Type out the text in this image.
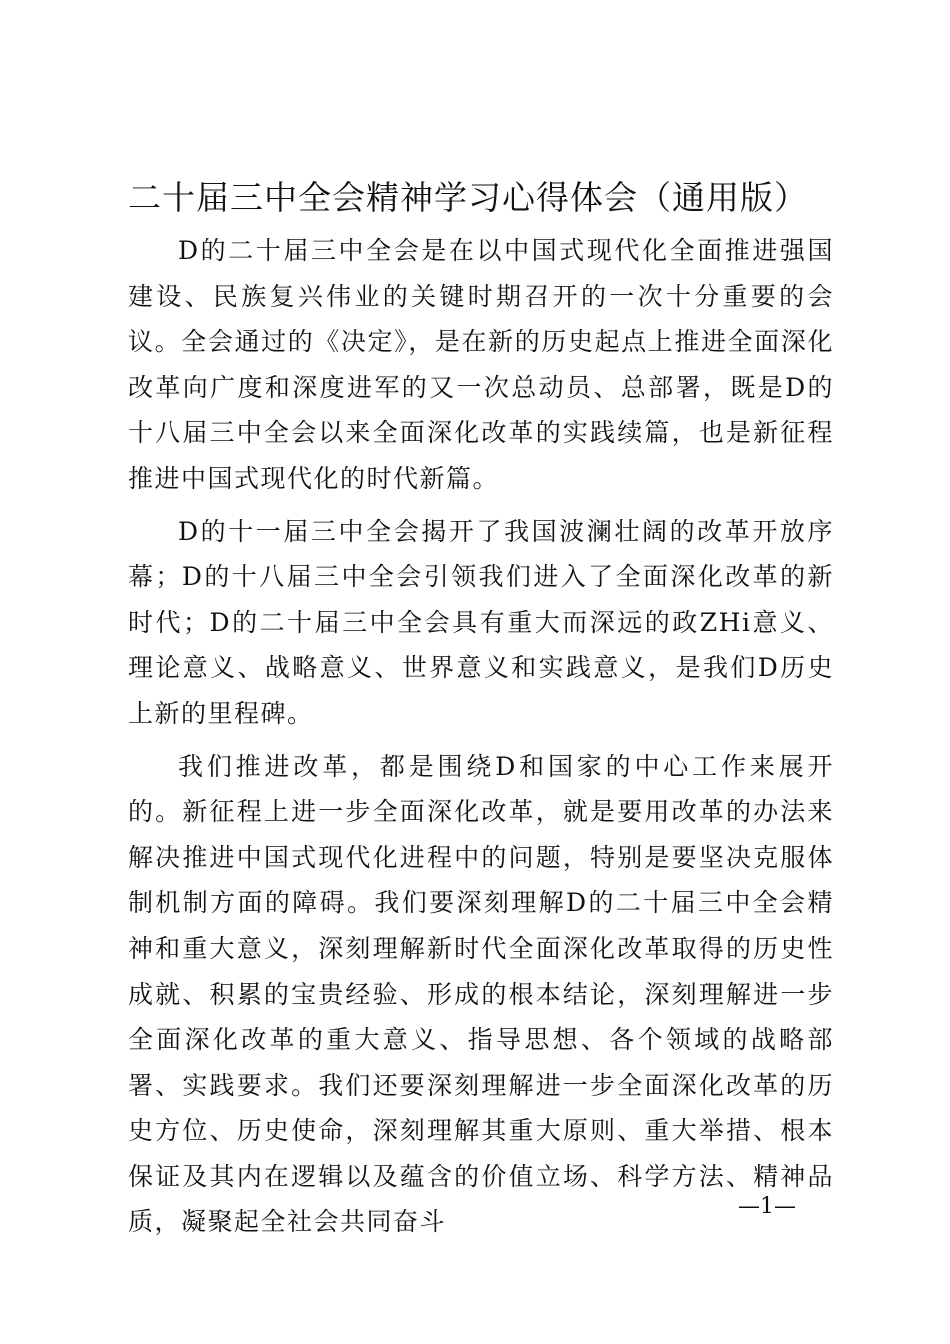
二十届三中全会精神学习心得体会（通用版）

D的二十届三中全会是在以中国式现代化全面推进强国建设、民族复兴伟业的关键时期召开的一次十分重要的会议。全会通过的《决定》，是在新的历史起点上推进全面深化改革向广度和深度进军的又一次总动员、总部署，既是D的十八届三中全会以来全面深化改革的实践续篇，也是新征程推进中国式现代化的时代新篇。

D的十一届三中全会揭开了我国波澜壮阔的改革开放序幕；D的十八届三中全会引领我们进入了全面深化改革的新时代；D的二十届三中全会具有重大而深远的政ZHi意义、理论意义、战略意义、世界意义和实践意义，是我们D历史上新的里程碑。

我们推进改革，都是围绕D和国家的中心工作来展开的。新征程上进一步全面深化改革，就是要用改革的办法来解决推进中国式现代化进程中的问题，特别是要坚决克服体制机制方面的障碍。我们要深刻理解D的二十届三中全会精神和重大意义，深刻理解新时代全面深化改革取得的历史性成就、积累的宝贵经验、形成的根本结论，深刻理解进一步全面深化改革的重大意义、指导思想、各个领域的战略部署、实践要求。我们还要深刻理解进一步全面深化改革的历史方位、历史使命，深刻理解其重大原则、重大举措、根本保证及其内在逻辑以及蕴含的价值立场、科学方法、精神品质，凝聚起全社会共同奋斗

—1—
